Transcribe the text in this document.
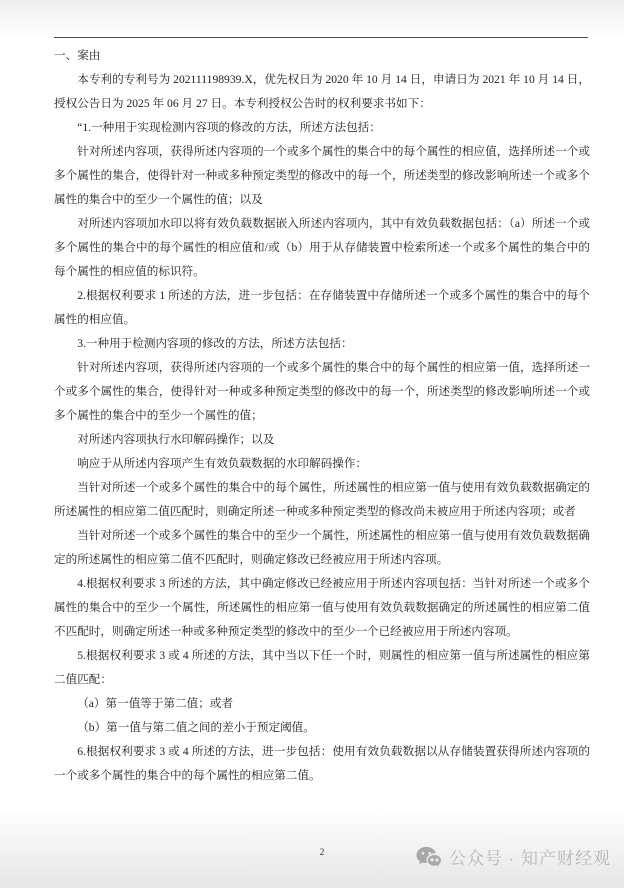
一、案由

本专利的专利号为 202111198939.X，优先权日为 2020 年 10 月 14 日，申请日为 2021 年 10 月 14 日，授权公告日为 2025 年 06 月 27 日。本专利授权公告时的权利要求书如下：

“1.一种用于实现检测内容项的修改的方法，所述方法包括：

针对所述内容项，获得所述内容项的一个或多个属性的集合中的每个属性的相应值，选择所述一个或多个属性的集合，使得针对一种或多种预定类型的修改中的每一个，所述类型的修改影响所述一个或多个属性的集合中的至少一个属性的值；以及

对所述内容项加水印以将有效负载数据嵌入所述内容项内，其中有效负载数据包括：（a）所述一个或多个属性的集合中的每个属性的相应值和/或（b）用于从存储装置中检索所述一个或多个属性的集合中的每个属性的相应值的标识符。

2.根据权利要求 1 所述的方法，进一步包括：在存储装置中存储所述一个或多个属性的集合中的每个属性的相应值。

3.一种用于检测内容项的修改的方法，所述方法包括：

针对所述内容项，获得所述内容项的一个或多个属性的集合中的每个属性的相应第一值，选择所述一个或多个属性的集合，使得针对一种或多种预定类型的修改中的每一个，所述类型的修改影响所述一个或多个属性的集合中的至少一个属性的值；

对所述内容项执行水印解码操作；以及

响应于从所述内容项产生有效负载数据的水印解码操作：

当针对所述一个或多个属性的集合中的每个属性，所述属性的相应第一值与使用有效负载数据确定的所述属性的相应第二值匹配时，则确定所述一种或多种预定类型的修改尚未被应用于所述内容项；或者

当针对所述一个或多个属性的集合中的至少一个属性，所述属性的相应第一值与使用有效负载数据确定的所述属性的相应第二值不匹配时，则确定修改已经被应用于所述内容项。

4.根据权利要求 3 所述的方法，其中确定修改已经被应用于所述内容项包括：当针对所述一个或多个属性的集合中的至少一个属性，所述属性的相应第一值与使用有效负载数据确定的所述属性的相应第二值不匹配时，则确定所述一种或多种预定类型的修改中的至少一个已经被应用于所述内容项。

5.根据权利要求 3 或 4 所述的方法，其中当以下任一个时，则属性的相应第一值与所述属性的相应第二值匹配：

（a）第一值等于第二值；或者

（b）第一值与第二值之间的差小于预定阈值。

6.根据权利要求 3 或 4 所述的方法，进一步包括：使用有效负载数据以从存储装置获得所述内容项的一个或多个属性的集合中的每个属性的相应第二值。

2	公众号 · 知产财经观
